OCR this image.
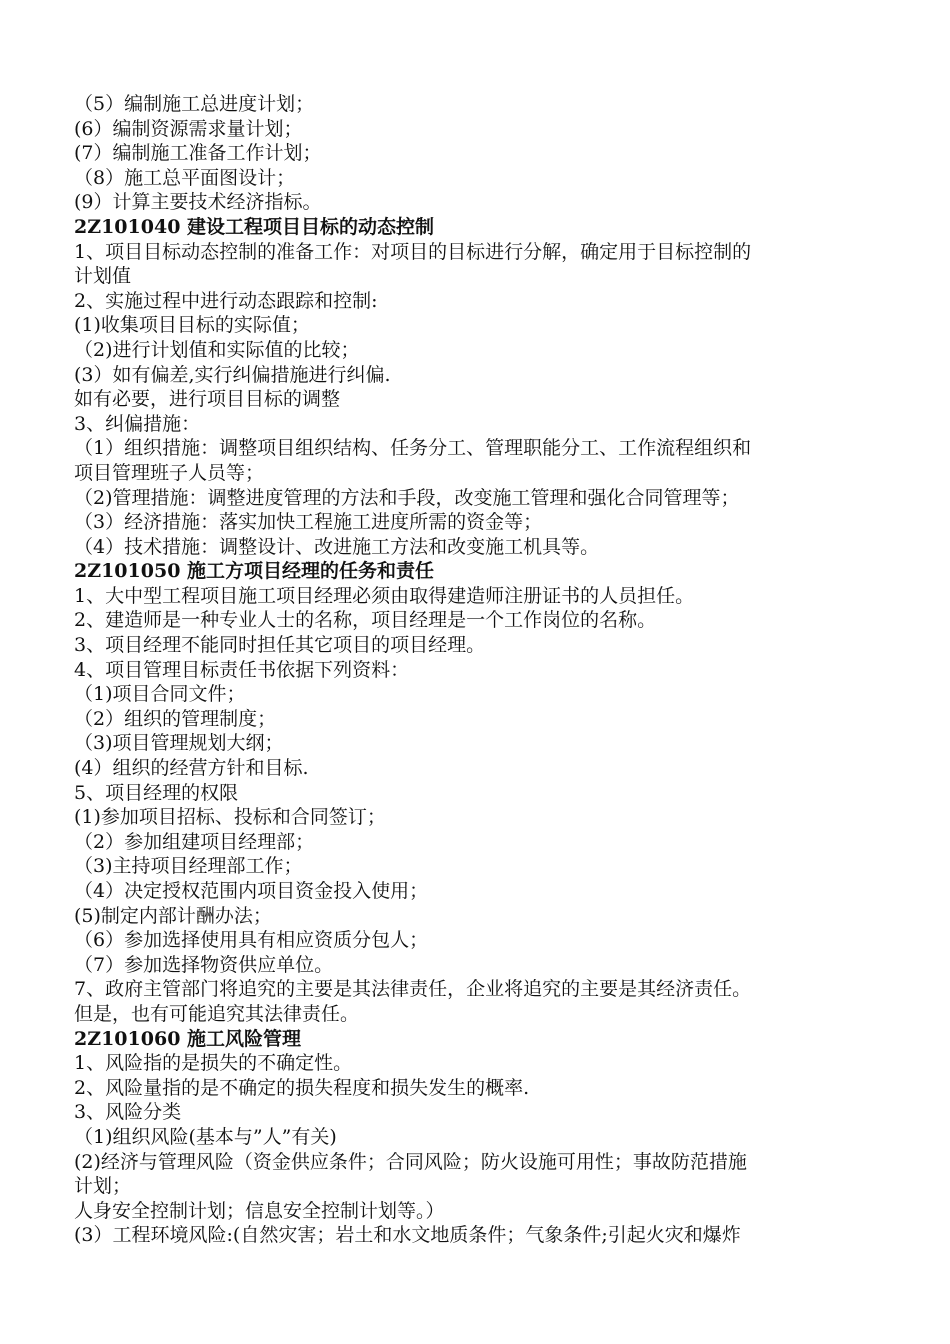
（5）编制施工总进度计划；
(6）编制资源需求量计划；
(7）编制施工准备工作计划；
（8）施工总平面图设计；
(9）计算主要技术经济指标。
2Z101040 建设工程项目目标的动态控制
1、项目目标动态控制的准备工作：对项目的目标进行分解，确定用于目标控制的
计划值
2、实施过程中进行动态跟踪和控制:
(1)收集项目目标的实际值；
（2)进行计划值和实际值的比较；
(3）如有偏差,实行纠偏措施进行纠偏.
如有必要，进行项目目标的调整
3、纠偏措施：
（1）组织措施：调整项目组织结构、任务分工、管理职能分工、工作流程组织和
项目管理班子人员等；
（2)管理措施：调整进度管理的方法和手段，改变施工管理和强化合同管理等；
（3）经济措施：落实加快工程施工进度所需的资金等；
（4）技术措施：调整设计、改进施工方法和改变施工机具等。
2Z101050 施工方项目经理的任务和责任
1、大中型工程项目施工项目经理必须由取得建造师注册证书的人员担任。
2、建造师是一种专业人士的名称，项目经理是一个工作岗位的名称。
3、项目经理不能同时担任其它项目的项目经理。
4、项目管理目标责任书依据下列资料：
（1)项目合同文件；
（2）组织的管理制度；
（3)项目管理规划大纲；
(4）组织的经营方针和目标.
5、项目经理的权限
(1)参加项目招标、投标和合同签订；
（2）参加组建项目经理部；
（3)主持项目经理部工作；
（4）决定授权范围内项目资金投入使用；
(5)制定内部计酬办法；
（6）参加选择使用具有相应资质分包人；
（7）参加选择物资供应单位。
7、政府主管部门将追究的主要是其法律责任，企业将追究的主要是其经济责任。
但是，也有可能追究其法律责任。
2Z101060 施工风险管理
1、风险指的是损失的不确定性。
2、风险量指的是不确定的损失程度和损失发生的概率.
3、风险分类
（1)组织风险(基本与”人”有关)
(2)经济与管理风险（资金供应条件；合同风险；防火设施可用性；事故防范措施
计划；
人身安全控制计划；信息安全控制计划等。）
(3）工程环境风险:(自然灾害；岩土和水文地质条件；气象条件;引起火灾和爆炸
